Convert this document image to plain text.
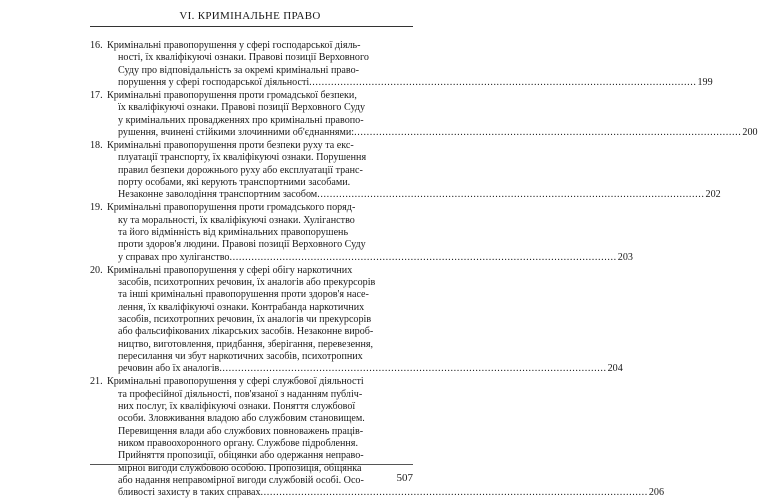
VI. КРИМІНАЛЬНЕ ПРАВО
16. Кримінальні правопорушення у сфері господарської діяль-
ності, їх кваліфікуючі ознаки. Правові позиції Верховного
Суду про відповідальність за окремі кримінальні право-
порушення у сфері господарської діяльності .....	199
17. Кримінальні правопорушення проти громадської безпеки,
їх кваліфікуючі ознаки. Правові позиції Верховного Суду
у кримінальних провадженнях про кримінальні правопо-
рушення, вчинені стійкими злочинними об'єднаннями: .....	200
18. Кримінальні правопорушення проти безпеки руху та екс-
плуатації транспорту, їх кваліфікуючі ознаки. Порушення
правил безпеки дорожнього руху або експлуатації транс-
порту особами, які керують транспортними засобами.
Незаконне заволодіння транспортним засобом .....	202
19. Кримінальні правопорушення проти громадського поряд-
ку та моральності, їх кваліфікуючі ознаки. Хуліганство
та його відмінність від кримінальних правопорушень
проти здоров'я людини. Правові позиції Верховного Суду
у справах про хуліганство .....	203
20. Кримінальні правопорушення у сфері обігу наркотичних
засобів, психотропних речовин, їх аналогів або прекурсорів
та інші кримінальні правопорушення проти здоров'я насе-
лення, їх кваліфікуючі ознаки. Контрабанда наркотичних
засобів, психотропних речовин, їх аналогів чи прекурсорів
або фальсифікованих лікарських засобів. Незаконне вироб-
ництво, виготовлення, придбання, зберігання, перевезення,
пересилання чи збут наркотичних засобів, психотропних
речовин або їх аналогів .....	204
21. Кримінальні правопорушення у сфері службової діяльності
та професійної діяльності, пов'язаної з наданням публіч-
них послуг, їх кваліфікуючі ознаки. Поняття службової
особи. Зловживання владою або службовим становищем.
Перевищення влади або службових повноважень праців-
ником правоохоронного органу. Службове підроблення.
Прийняття пропозиції, обіцянки або одержання неправо-
мірної вигоди службовою особою. Пропозиція, обіцянка
або надання неправомірної вигоди службовій особі. Осо-
бливості захисту в таких справах .....	206
507
